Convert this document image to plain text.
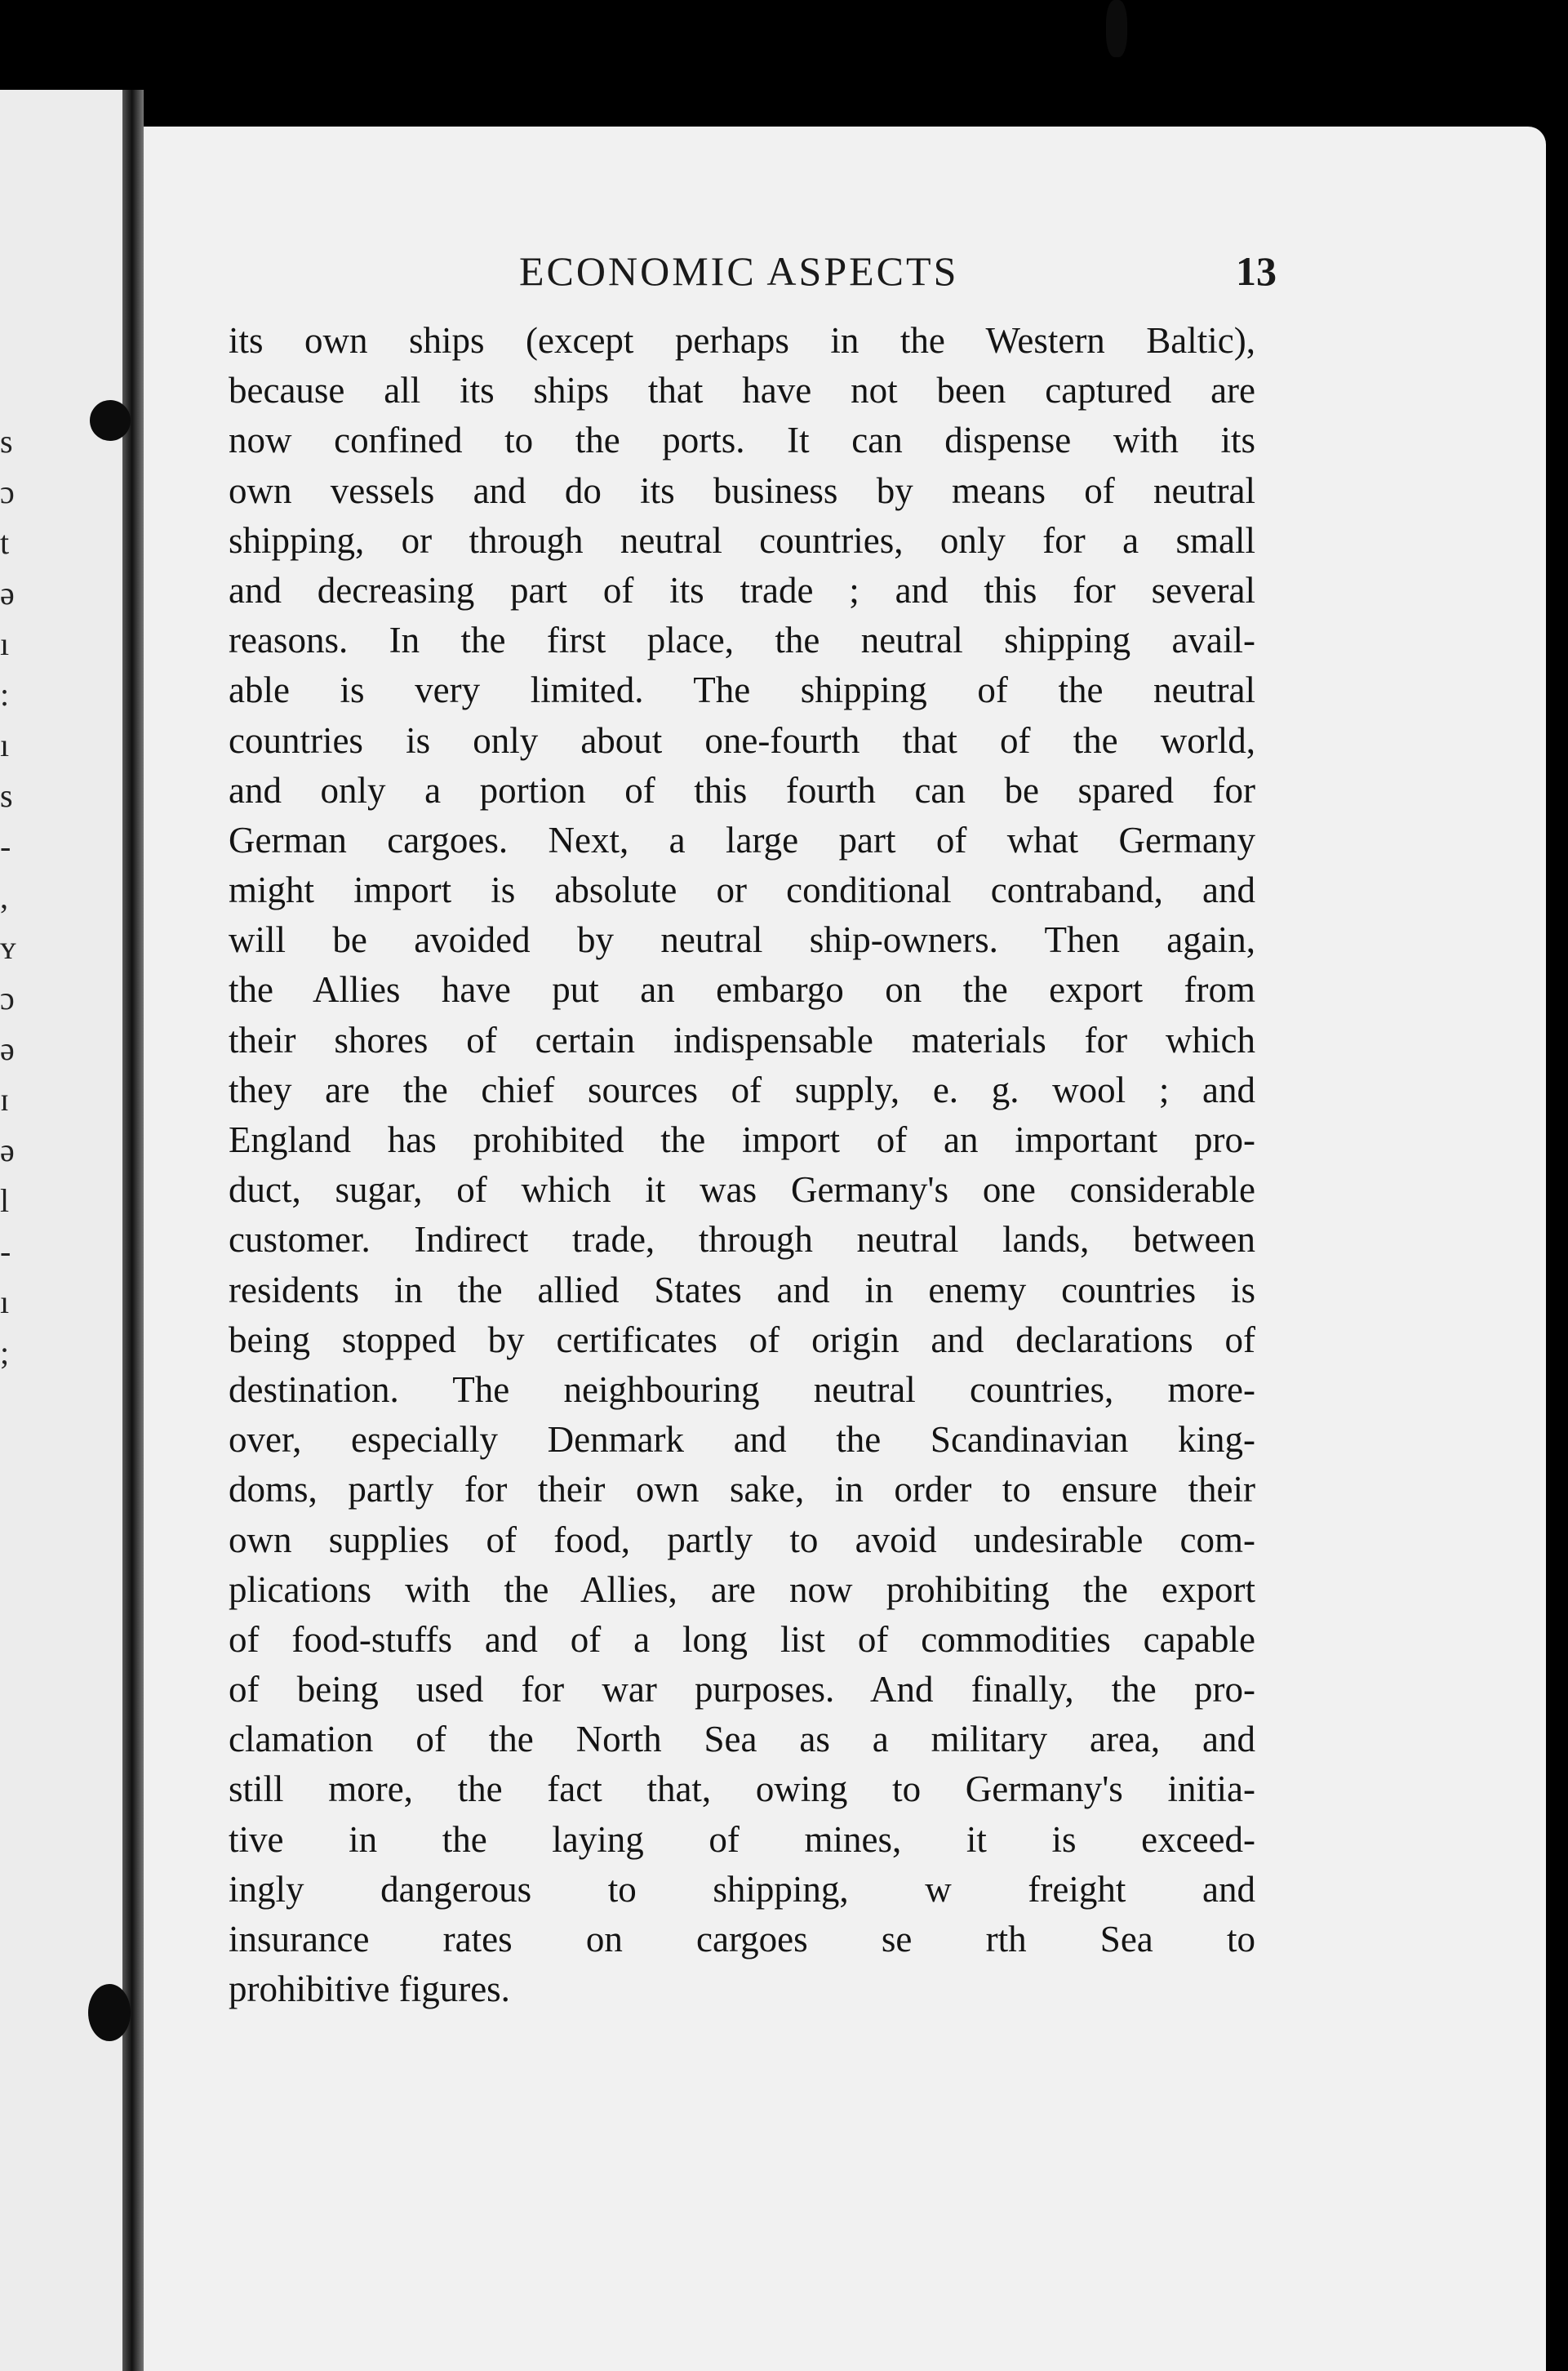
s
ɔ
t
ə
ı
:
ı
s
-
,
ʏ
ɔ
ə
ɪ
ə
l
-
ı
;
ECONOMIC ASPECTS	13
its own ships (except perhaps in the Western Baltic),
because all its ships that have not been captured are
now confined to the ports. It can dispense with its
own vessels and do its business by means of neutral
shipping, or through neutral countries, only for a small
and decreasing part of its trade ; and this for several
reasons. In the first place, the neutral shipping avail-
able is very limited. The shipping of the neutral
countries is only about one-fourth that of the world,
and only a portion of this fourth can be spared for
German cargoes. Next, a large part of what Germany
might import is absolute or conditional contraband, and
will be avoided by neutral ship-owners. Then again,
the Allies have put an embargo on the export from
their shores of certain indispensable materials for which
they are the chief sources of supply, e. g. wool ; and
England has prohibited the import of an important pro-
duct, sugar, of which it was Germany's one considerable
customer. Indirect trade, through neutral lands, between
residents in the allied States and in enemy countries is
being stopped by certificates of origin and declarations of
destination. The neighbouring neutral countries, more-
over, especially Denmark and the Scandinavian king-
doms, partly for their own sake, in order to ensure their
own supplies of food, partly to avoid undesirable com-
plications with the Allies, are now prohibiting the export
of food-stuffs and of a long list of commodities capable
of being used for war purposes. And finally, the pro-
clamation of the North Sea as a military area, and
still more, the fact that, owing to Germany's initia-
tive in the laying of mines, it is exceed-
ingly dangerous to shipping, w freight and
insurance rates on cargoes se rth Sea to
prohibitive figures.
